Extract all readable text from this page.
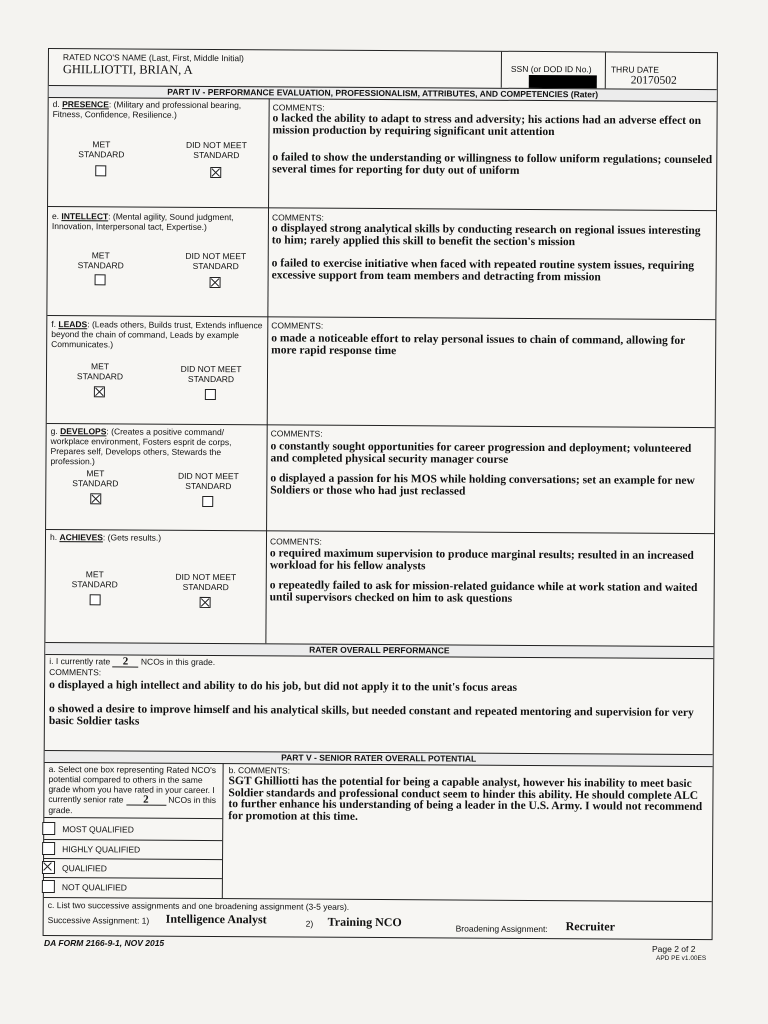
RATED NCO'S NAME (Last, First, Middle Initial)
GHILLIOTTI, BRIAN, A	SSN (or DOD ID No.) THRU DATE
20170502
PART IV - PERFORMANCE EVALUATION, PROFESSIONALISM, ATTRIBUTES, AND COMPETENCIES (Rater)
d. PRESENCE: (Military and professional bearing, Fitness, Confidence, Resilience.)
MET
STANDARD
DID NOT MEET
STANDARD
COMMENTS:
o lacked the ability to adapt to stress and adversity; his actions had an adverse effect on mission production by requiring significant unit attention
o failed to show the understanding or willingness to follow uniform regulations; counseled several times for reporting for duty out of uniform
e. INTELLECT: (Mental agility, Sound judgment, Innovation, Interpersonal tact, Expertise.)
MET
STANDARD
DID NOT MEET
STANDARD
COMMENTS:
o displayed strong analytical skills by conducting research on regional issues interesting to him; rarely applied this skill to benefit the section's mission
o failed to exercise initiative when faced with repeated routine system issues, requiring excessive support from team members and detracting from mission
f. LEADS: (Leads others, Builds trust, Extends influence beyond the chain of command, Leads by example Communicates.)
MET
STANDARD
DID NOT MEET
STANDARD
COMMENTS:
o made a noticeable effort to relay personal issues to chain of command, allowing for more rapid response time
g. DEVELOPS: (Creates a positive command/ workplace environment, Fosters esprit de corps, Prepares self, Develops others, Stewards the profession.)
MET
STANDARD
DID NOT MEET
STANDARD
COMMENTS:
o constantly sought opportunities for career progression and deployment; volunteered and completed physical security manager course
o displayed a passion for his MOS while holding conversations; set an example for new Soldiers or those who had just reclassed
h. ACHIEVES: (Gets results.)
MET
STANDARD
DID NOT MEET
STANDARD
COMMENTS:
o required maximum supervision to produce marginal results; resulted in an increased workload for his fellow analysts
o repeatedly failed to ask for mission-related guidance while at work station and waited until supervisors checked on him to ask questions
RATER OVERALL PERFORMANCE
i. I currently rate 2 NCOs in this grade.
COMMENTS:
o displayed a high intellect and ability to do his job, but did not apply it to the unit's focus areas
o showed a desire to improve himself and his analytical skills, but needed constant and repeated mentoring and supervision for very basic Soldier tasks
PART V - SENIOR RATER OVERALL POTENTIAL
a. Select one box representing Rated NCO's potential compared to others in the same grade whom you have rated in your career. I currently senior rate 2 NCOs in this grade.
MOST QUALIFIED
HIGHLY QUALIFIED
QUALIFIED
NOT QUALIFIED
b. COMMENTS:
SGT Ghilliotti has the potential for being a capable analyst, however his inability to meet basic Soldier standards and professional conduct seem to hinder this ability. He should complete ALC to further enhance his understanding of being a leader in the U.S. Army. I would not recommend for promotion at this time.
c. List two successive assignments and one broadening assignment (3-5 years).
Successive Assignment: 1) Intelligence Analyst	2) Training NCO	Broadening Assignment: Recruiter
DA FORM 2166-9-1, NOV 2015
Page 2 of 2
APD PE v1.00ES
